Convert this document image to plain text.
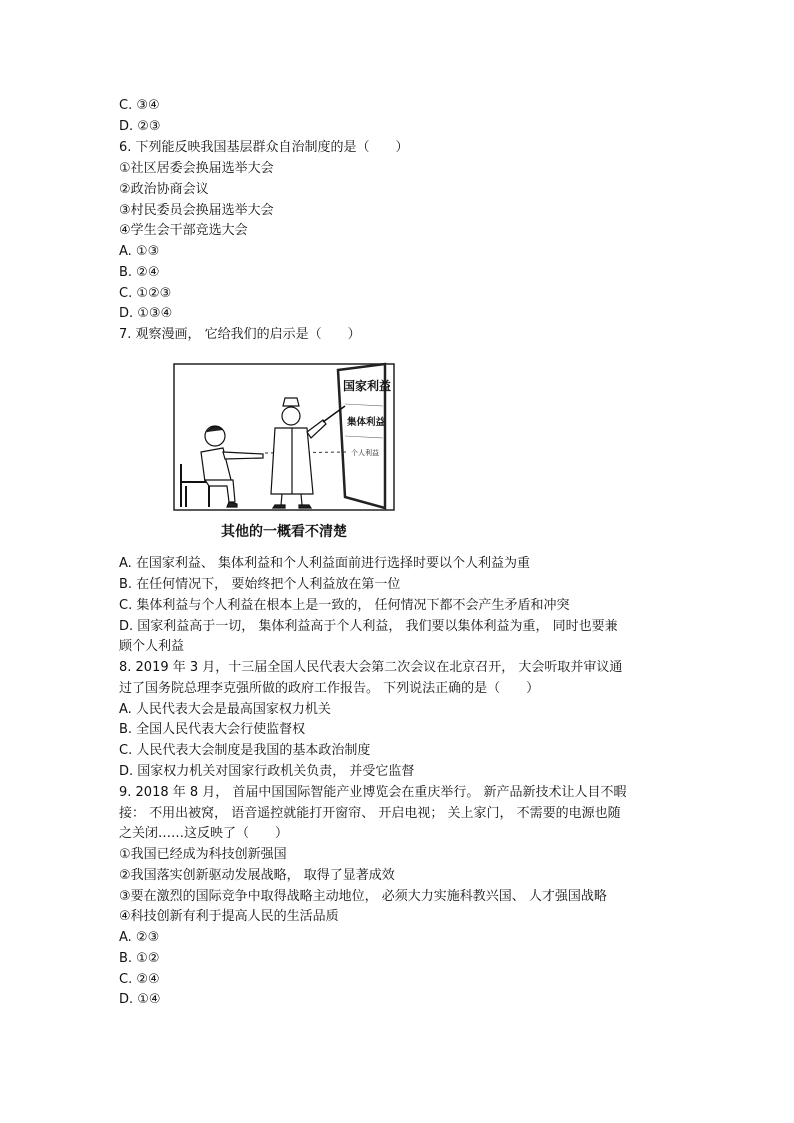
C. ③④
D. ②③
6. 下列能反映我国基层群众自治制度的是（　　）
①社区居委会换届选举大会
②政治协商会议
③村民委员会换届选举大会
④学生会干部竞选大会
A. ①③
B. ②④
C. ①②③
D. ①③④
7. 观察漫画， 它给我们的启示是（　　）
国家利益
集体利益
个人利益
其他的一概看不清楚
A. 在国家利益、 集体利益和个人利益面前进行选择时要以个人利益为重
B. 在任何情况下， 要始终把个人利益放在第一位
C. 集体利益与个人利益在根本上是一致的， 任何情况下都不会产生矛盾和冲突
D. 国家利益高于一切， 集体利益高于个人利益， 我们要以集体利益为重， 同时也要兼
顾个人利益
8. 2019 年 3 月，十三届全国人民代表大会第二次会议在北京召开， 大会听取并审议通
过了国务院总理李克强所做的政府工作报告。 下列说法正确的是（　　）
A. 人民代表大会是最高国家权力机关
B. 全国人民代表大会行使监督权
C. 人民代表大会制度是我国的基本政治制度
D. 国家权力机关对国家行政机关负责， 并受它监督
9. 2018 年 8 月， 首届中国国际智能产业博览会在重庆举行。 新产品新技术让人目不暇
接： 不用出被窝， 语音遥控就能打开窗帘、 开启电视； 关上家门， 不需要的电源也随
之关闭……这反映了（　　）
①我国已经成为科技创新强国
②我国落实创新驱动发展战略， 取得了显著成效
③要在激烈的国际竞争中取得战略主动地位， 必须大力实施科教兴国、 人才强国战略
④科技创新有利于提高人民的生活品质
A. ②③
B. ①②
C. ②④
D. ①④
